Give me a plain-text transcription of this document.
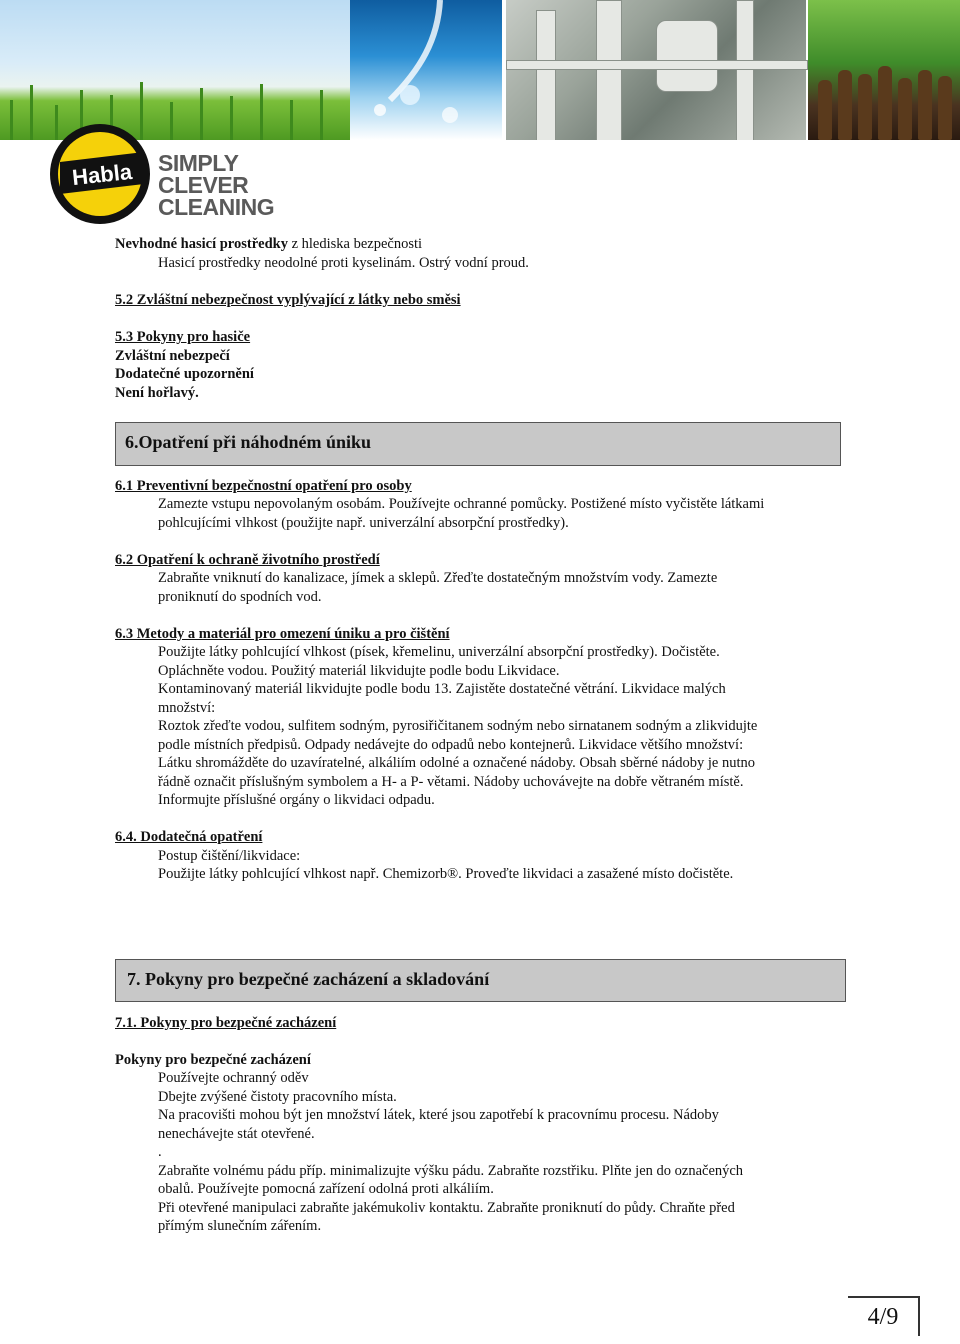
Habla SIMPLY
CLEVER
CLEANING
Nevhodné hasicí prostředky z hlediska bezpečnosti
Hasicí prostředky neodolné proti kyselinám. Ostrý vodní proud.
5.2 Zvláštní nebezpečnost vyplývající z látky nebo směsi
5.3 Pokyny pro hasiče
Zvláštní nebezpečí
Dodatečné upozornění
Není hořlavý.
6.Opatření při náhodném úniku
6.1 Preventivní bezpečnostní opatření pro osoby
Zamezte vstupu nepovolaným osobám. Používejte ochranné pomůcky. Postižené místo vyčistěte látkami
pohlcujícími vlhkost (použijte např. univerzální absorpční prostředky).
6.2 Opatření k ochraně životního prostředí
Zabraňte vniknutí do kanalizace, jímek a sklepů. Zřeďte dostatečným množstvím vody. Zamezte
proniknutí do spodních vod.
6.3 Metody a materiál pro omezení úniku a pro čištění
Použijte látky pohlcující vlhkost (písek, křemelinu, univerzální absorpční prostředky). Dočistěte.
Opláchněte vodou. Použitý materiál likvidujte podle bodu Likvidace.
Kontaminovaný materiál likvidujte podle bodu 13. Zajistěte dostatečné větrání. Likvidace malých
množství:
Roztok zřeďte vodou, sulfitem sodným, pyrosiřičitanem sodným nebo sirnatanem sodným a zlikvidujte
podle místních předpisů. Odpady nedávejte do odpadů nebo kontejnerů. Likvidace většího množství:
Látku shromážděte do uzavíratelné, alkáliím odolné a označené nádoby. Obsah sběrné nádoby je nutno
řádně označit příslušným symbolem a H- a P- větami. Nádoby uchovávejte na dobře větraném místě.
Informujte příslušné orgány o likvidaci odpadu.
6.4. Dodatečná opatření
Postup čištění/likvidace:
Použijte látky pohlcující vlhkost např. Chemizorb®. Proveďte likvidaci a zasažené místo dočistěte.
7. Pokyny pro bezpečné zacházení a skladování
7.1. Pokyny pro bezpečné zacházení
Pokyny pro bezpečné zacházení
Používejte ochranný oděv
Dbejte zvýšené čistoty pracovního místa.
Na pracovišti mohou být jen množství látek, které jsou zapotřebí k pracovnímu procesu. Nádoby
nenechávejte stát otevřené.
.
Zabraňte volnému pádu příp. minimalizujte výšku pádu. Zabraňte rozstřiku. Plňte jen do označených
obalů. Používejte pomocná zařízení odolná proti alkáliím.
Při otevřené manipulaci zabraňte jakémukoliv kontaktu. Zabraňte proniknutí do půdy. Chraňte před
přímým slunečním zářením.
4/9
